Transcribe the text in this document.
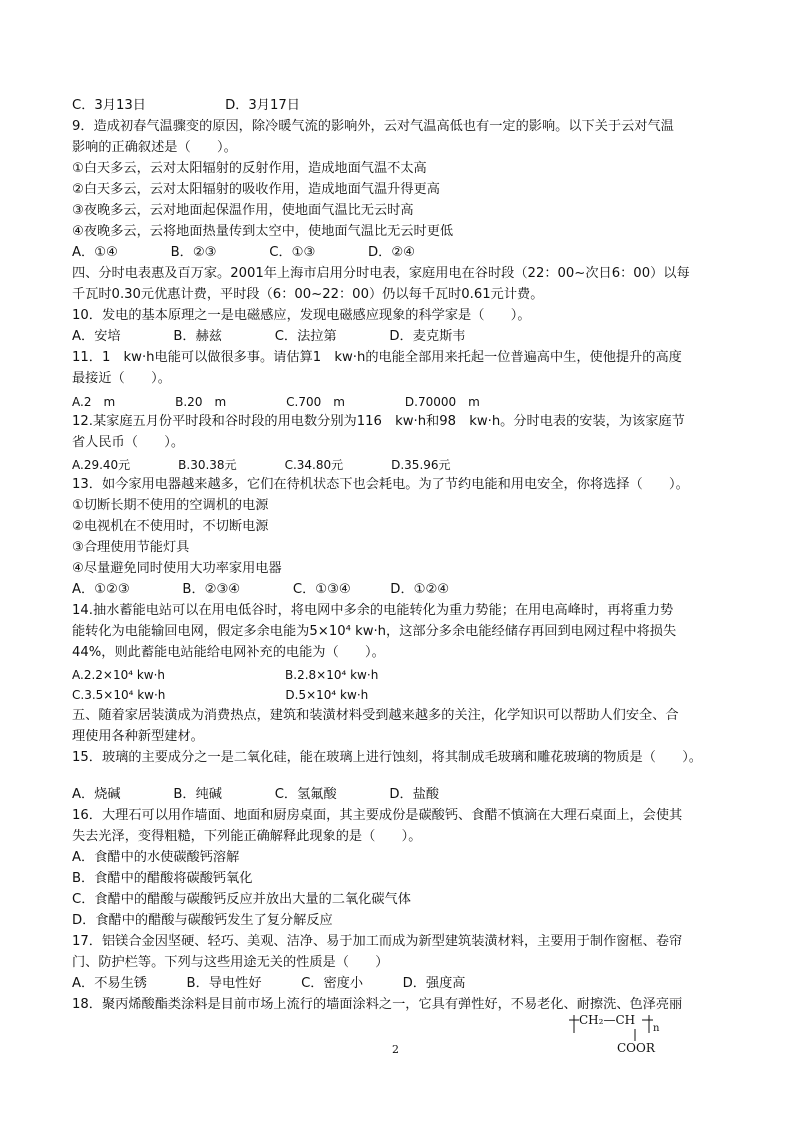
C．3月13日　　　　　　D．3月17日
9．造成初春气温骤变的原因，除冷暖气流的影响外，云对气温高低也有一定的影响。以下关于云对气温
影响的正确叙述是（　　）。
①白天多云，云对太阳辐射的反射作用，造成地面气温不太高
②白天多云，云对太阳辐射的吸收作用，造成地面气温升得更高
③夜晚多云，云对地面起保温作用，使地面气温比无云时高
④夜晚多云，云将地面热量传到太空中，使地面气温比无云时更低
A．①④　　　　B．②③　　　　C．①③　　　　D．②④
四、分时电表惠及百万家。2001年上海市启用分时电表，家庭用电在谷时段（22：00~次日6：00）以每
千瓦时0.30元优惠计费，平时段（6：00~22：00）仍以每千瓦时0.61元计费。
10．发电的基本原理之一是电磁感应，发现电磁感应现象的科学家是（　　）。
A．安培　　　　B．赫兹　　　　C．法拉第　　　　D．麦克斯韦
11．1　kw·h电能可以做很多事。请估算1　kw·h的电能全部用来托起一位普遍高中生，使他提升的高度
最接近（　　）。
A.2　m　　　　　B.20　m　　　　　C.700　m　　　　　D.70000　m
12.某家庭五月份平时段和谷时段的用电数分别为116　kw·h和98　kw·h。分时电表的安装，为该家庭节
省人民币（　　）。
A.29.40元　　　　B.30.38元　　　　C.34.80元　　　　D.35.96元
13．如今家用电器越来越多，它们在待机状态下也会耗电。为了节约电能和用电安全，你将选择（　　）。
①切断长期不使用的空调机的电源
②电视机在不使用时，不切断电源
③合理使用节能灯具
④尽量避免同时使用大功率家用电器
A．①②③　　　　B．②③④　　　　C．①③④　　　D．①②④
14.抽水蓄能电站可以在用电低谷时，将电网中多余的电能转化为重力势能；在用电高峰时，再将重力势
能转化为电能输回电网，假定多余电能为5×10⁴ kw·h，这部分多余电能经储存再回到电网过程中将损失
44%，则此蓄能电站能给电网补充的电能为（　　）。
A.2.2×10⁴ kw·h　　　　　　　　　　B.2.8×10⁴ kw·h
C.3.5×10⁴ kw·h　　　　　　　　　　D.5×10⁴ kw·h
五、随着家居装潢成为消费热点，建筑和装潢材料受到越来越多的关注，化学知识可以帮助人们安全、合
理使用各种新型建材。
15．玻璃的主要成分之一是二氧化硅，能在玻璃上进行蚀刻，将其制成毛玻璃和雕花玻璃的物质是（　　）。
A．烧碱　　　　B．纯碱　　　　C．氢氟酸　　　　D．盐酸
16．大理石可以用作墙面、地面和厨房桌面，其主要成份是碳酸钙、食醋不慎滴在大理石桌面上，会使其
失去光泽，变得粗糙，下列能正确解释此现象的是（　　）。
A．食醋中的水使碳酸钙溶解
B．食醋中的醋酸将碳酸钙氧化
C．食醋中的醋酸与碳酸钙反应并放出大量的二氧化碳气体
D．食醋中的醋酸与碳酸钙发生了复分解反应
17．铝镁合金因坚硬、轻巧、美观、洁净、易于加工而成为新型建筑装潢材料，主要用于制作窗框、卷帘
门、防护栏等。下列与这些用途无关的性质是（　　）
A．不易生锈　　　B．导电性好　　　C．密度小　　　D．强度高
18．聚丙烯酸酯类涂料是目前市场上流行的墙面涂料之一，它具有弹性好，不易老化、耐擦洗、色泽亮丽
CH₂—CH
n
COOR
2
